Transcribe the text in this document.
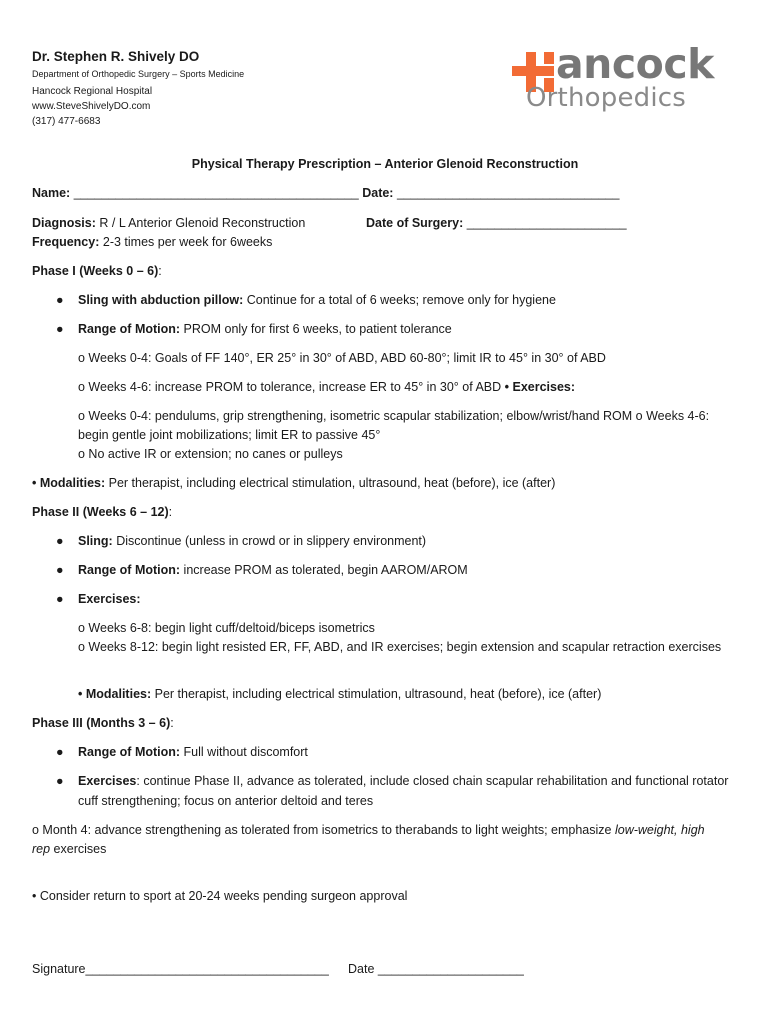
Dr. Stephen R. Shively DO
Department of Orthopedic Surgery – Sports Medicine
Hancock Regional Hospital
www.SteveShivelyDO.com
(317) 477-6683
ancock
Orthopedics
Physical Therapy Prescription – Anterior Glenoid Reconstruction
Name: _________________________________________ Date: ________________________________
Diagnosis: R / L Anterior Glenoid Reconstruction	Date of Surgery: _______________________
Frequency: 2-3 times per week for 6weeks
Phase I (Weeks 0 – 6):
● Sling with abduction pillow: Continue for a total of 6 weeks; remove only for hygiene
● Range of Motion: PROM only for first 6 weeks, to patient tolerance
o Weeks 0-4: Goals of FF 140°, ER 25° in 30° of ABD, ABD 60-80°; limit IR to 45° in 30° of ABD
o Weeks 4-6: increase PROM to tolerance, increase ER to 45° in 30° of ABD • Exercises:
o Weeks 0-4: pendulums, grip strengthening, isometric scapular stabilization; elbow/wrist/hand ROM o Weeks 4-6:
begin gentle joint mobilizations; limit ER to passive 45°
o No active IR or extension; no canes or pulleys
• Modalities: Per therapist, including electrical stimulation, ultrasound, heat (before), ice (after)
Phase II (Weeks 6 – 12):
● Sling: Discontinue (unless in crowd or in slippery environment)
● Range of Motion: increase PROM as tolerated, begin AAROM/AROM
● Exercises:
o Weeks 6-8: begin light cuff/deltoid/biceps isometrics
o Weeks 8-12: begin light resisted ER, FF, ABD, and IR exercises; begin extension and scapular retraction exercises
• Modalities: Per therapist, including electrical stimulation, ultrasound, heat (before), ice (after)
Phase III (Months 3 – 6):
● Range of Motion: Full without discomfort
● Exercises: continue Phase II, advance as tolerated, include closed chain scapular rehabilitation and functional rotator
cuff strengthening; focus on anterior deltoid and teres
o Month 4: advance strengthening as tolerated from isometrics to therabands to light weights; emphasize low-weight, high
rep exercises
• Consider return to sport at 20-24 weeks pending surgeon approval
Signature___________________________________ Date _____________________
